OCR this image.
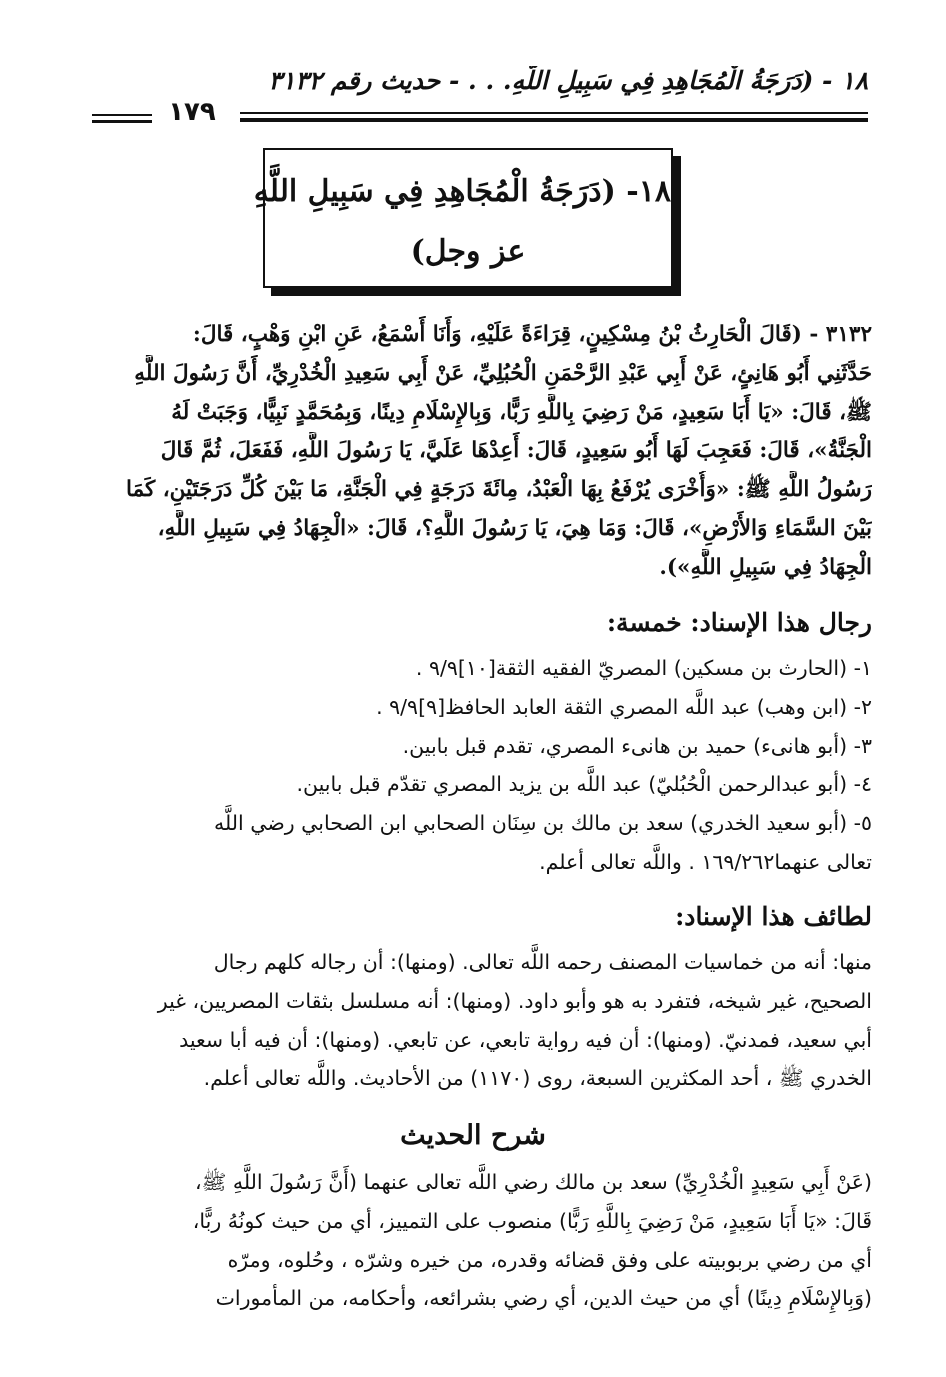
١٨ - (دَرَجَةُ الْمُجَاهِدِ فِي سَبِيلِ اللَّهِ. . . - حديث رقم ٣١٣٢
١٧٩
١٨- (دَرَجَةُ الْمُجَاهِدِ فِي سَبِيلِ اللَّهِ
عز وجل)
٣١٣٢ - (قَالَ الْحَارِثُ بْنُ مِسْكِينٍ، قِرَاءَةً عَلَيْهِ، وَأَنَا أَسْمَعُ، عَنِ ابْنِ وَهْبٍ، قَالَ:
حَدَّثَنِي أَبُو هَانِئٍ، عَنْ أَبِي عَبْدِ الرَّحْمَنِ الْحُبُلِيِّ، عَنْ أَبِي سَعِيدِ الْخُدْرِيِّ، أَنَّ رَسُولَ اللَّهِ
ﷺ، قَالَ: «يَا أَبَا سَعِيدٍ، مَنْ رَضِيَ بِاللَّهِ رَبًّا، وَبِالإِسْلَامِ دِينًا، وَبِمُحَمَّدٍ نَبِيًّا، وَجَبَتْ لَهُ
الْجَنَّةُ»، قَالَ: فَعَجِبَ لَهَا أَبُو سَعِيدٍ، قَالَ: أَعِدْهَا عَلَيَّ، يَا رَسُولَ اللَّهِ، فَفَعَلَ، ثُمَّ قَالَ
رَسُولُ اللَّهِ ﷺ: «وَأُخْرَى يُرْفَعُ بِهَا الْعَبْدُ، مِائَةَ دَرَجَةٍ فِي الْجَنَّةِ، مَا بَيْنَ كُلِّ دَرَجَتَيْنِ، كَمَا
بَيْنَ السَّمَاءِ وَالأَرْضِ»، قَالَ: وَمَا هِيَ، يَا رَسُولَ اللَّهِ؟، قَالَ: «الْجِهَادُ فِي سَبِيلِ اللَّهِ،
الْجِهَادُ فِي سَبِيلِ اللَّهِ»).
رجال هذا الإسناد: خمسة:
١- (الحارث بن مسكين) المصريّ الفقيه الثقة[١٠]٩/٩ .
٢- (ابن وهب) عبد اللَّه المصري الثقة العابد الحافظ[٩]٩/٩ .
٣- (أبو هانىء) حميد بن هانىء المصري، تقدم قبل بابين.
٤- (أبو عبدالرحمن الْحُبُليّ) عبد اللَّه بن يزيد المصري تقدّم قبل بابين.
٥- (أبو سعيد الخدري) سعد بن مالك بن سِنَان الصحابي ابن الصحابي رضي اللَّه
تعالى عنهما١٦٩/٢٦٢ . واللَّه تعالى أعلم.
لطائف هذا الإسناد:
منها: أنه من خماسيات المصنف رحمه اللَّه تعالى. (ومنها): أن رجاله كلهم رجال
الصحيح، غير شيخه، فتفرد به هو وأبو داود. (ومنها): أنه مسلسل بثقات المصريين، غير
أبي سعيد، فمدنيّ. (ومنها): أن فيه رواية تابعي، عن تابعي. (ومنها): أن فيه أبا سعيد
الخدري ﷺ ، أحد المكثرين السبعة، روى (١١٧٠) من الأحاديث. واللَّه تعالى أعلم.
شرح الحديث
(عَنْ أَبِي سَعِيدٍ الْخُدْرِيِّ) سعد بن مالك رضي اللَّه تعالى عنهما (أَنَّ رَسُولَ اللَّهِ ﷺ،
قَالَ: «يَا أَبَا سَعِيدٍ، مَنْ رَضِيَ بِاللَّهِ رَبًّا) منصوب على التمييز، أي من حيث كونُهُ ربًّا،
أي من رضي بربوبيته على وفق قضائه وقدره، من خيره وشرّه ، وحُلوه، ومرّه
(وَبِالإِسْلَامِ دِينًا) أي من حيث الدين، أي رضي بشرائعه، وأحكامه، من المأمورات
